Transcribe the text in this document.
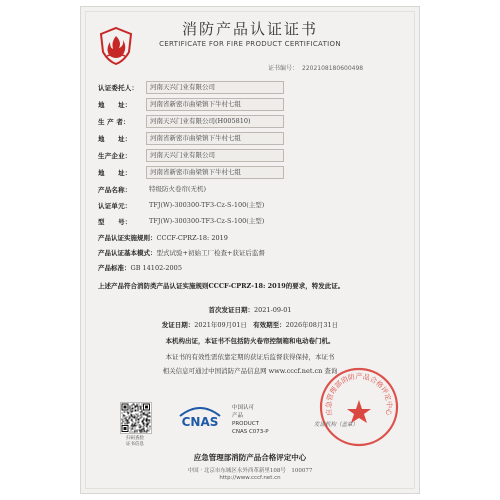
消防产品认证证书
CERTIFICATE FOR FIRE PRODUCT CERTIFICATION
证书编号： 2202108180600498
认证委托人：	河南天兴门业有限公司
地　　址：	河南省新密市曲梁镇下牛村七组
生 产 者：	河南天兴门业有限公司(H005810)
地　　址：	河南省新密市曲梁镇下牛村七组
生产企业：	河南天兴门业有限公司
地　　址：	河南省新密市曲梁镇下牛村七组
产品名称：	特级防火卷帘(无机)
认证单元：	TFJ(W)-300300-TF3-Cz-S-100(主型)
型　　号：	TFJ(W)-300300-TF3-Cz-S-100(主型)
产品认证实施规则：CCCF-CPRZ-18: 2019
产品认证基本模式：型式试验+初始工厂检查+获证后监督
产品标准：GB 14102-2005
上述产品符合消防类产品认证实施规则CCCF-CPRZ-18: 2019的要求，特发此证。
首次发证日期：2021-09-01
发证日期：2021年09月01日 有效期至：2026年08月31日
本机构出证，本证书不包括防火卷帘控制箱和电动卷门机。
本证书的有效性需依靠定期的获证后监督获得保持，本证书
相关信息可通过中国消防产品信息网 www.cccf.net.cn 查询
扫码查验
证书信息
CNAS
中国认可
产品
PRODUCT
CNAS C073-P
应急管理部消防产品合格评定中心
发证机构（盖章）
应急管理部消防产品合格评定中心
中国 · 北京市东城区永外西革新里108号　100077
http://www.cccf.net.cn
